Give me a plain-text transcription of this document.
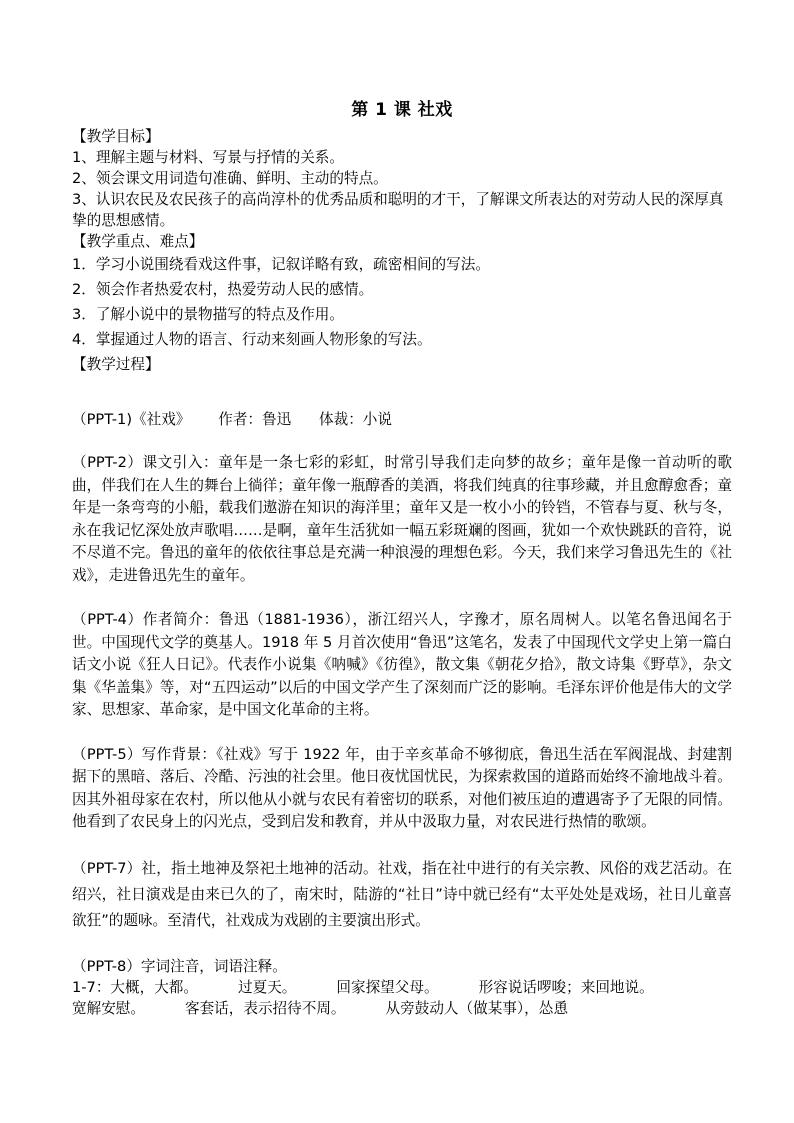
第 1 课 社戏

【教学目标】

1、理解主题与材料、写景与抒情的关系。

2、领会课文用词造句准确、鲜明、主动的特点。

3、认识农民及农民孩子的高尚淳朴的优秀品质和聪明的才干，了解课文所表达的对劳动人民的深厚真挚的思想感情。

【教学重点、难点】

1．学习小说围绕看戏这件事，记叙详略有致，疏密相间的写法。

2．领会作者热爱农村，热爱劳动人民的感情。

3．了解小说中的景物描写的特点及作用。

4．掌握通过人物的语言、行动来刻画人物形象的写法。

【教学过程】

（PPT-1)《社戏》      作者：鲁迅      体裁：小说

（PPT-2）课文引入：童年是一条七彩的彩虹，时常引导我们走向梦的故乡；童年是像一首动听的歌曲，伴我们在人生的舞台上徜徉；童年像一瓶醇香的美酒，将我们纯真的往事珍藏，并且愈醇愈香；童年是一条弯弯的小船，载我们遨游在知识的海洋里；童年又是一枚小小的铃铛，不管春与夏、秋与冬，永在我记忆深处放声歌唱……是啊，童年生活犹如一幅五彩斑斓的图画，犹如一个欢快跳跃的音符，说不尽道不完。鲁迅的童年的依依往事总是充满一种浪漫的理想色彩。今天，我们来学习鲁迅先生的《社戏》，走进鲁迅先生的童年。

（PPT-4）作者简介：鲁迅（1881-1936），浙江绍兴人，字豫才，原名周树人。以笔名鲁迅闻名于世。中国现代文学的奠基人。1918 年 5 月首次使用“鲁迅”这笔名，发表了中国现代文学史上第一篇白话文小说《狂人日记》。代表作小说集《呐喊》《彷徨》，散文集《朝花夕拾》，散文诗集《野草》，杂文集《华盖集》等，对“五四运动”以后的中国文学产生了深刻而广泛的影响。毛泽东评价他是伟大的文学家、思想家、革命家，是中国文化革命的主将。

（PPT-5）写作背景：《社戏》写于 1922 年，由于辛亥革命不够彻底，鲁迅生活在军阀混战、封建割据下的黑暗、落后、冷酷、污浊的社会里。他日夜忧国忧民，为探索救国的道路而始终不渝地战斗着。因其外祖母家在农村，所以他从小就与农民有着密切的联系，对他们被压迫的遭遇寄予了无限的同情。他看到了农民身上的闪光点，受到启发和教育，并从中汲取力量，对农民进行热情的歌颂。

（PPT-7）社，指土地神及祭祀土地神的活动。社戏，指在社中进行的有关宗教、风俗的戏艺活动。在绍兴，社日演戏是由来已久的了，南宋时，陆游的“社日”诗中就已经有“太平处处是戏场，社日儿童喜欲狂”的题咏。至清代，社戏成为戏剧的主要演出形式。

（PPT-8）字词注音，词语注释。

1-7：大概，大都。	过夏天。	回家探望父母。	形容说话啰唆；来回地说。

宽解安慰。	客套话，表示招待不周。	从旁鼓动人（做某事），怂恿
